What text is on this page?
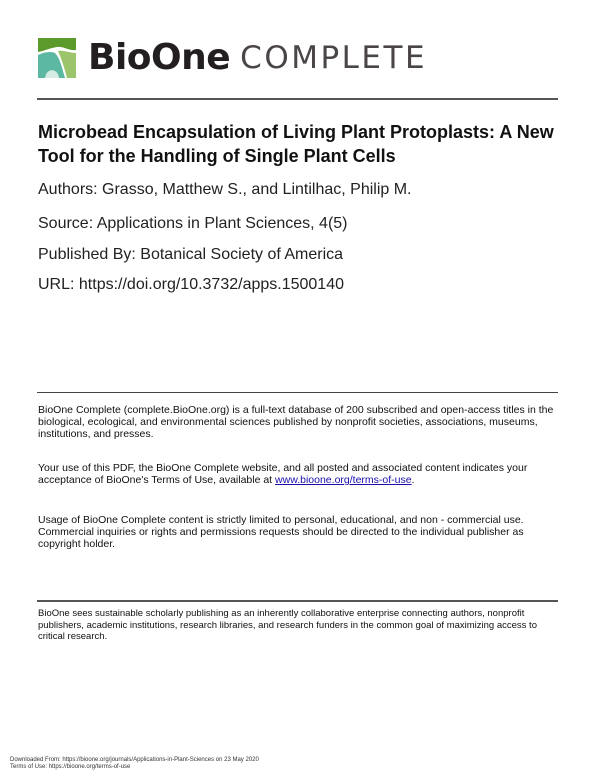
BioOne COMPLETE
Microbead Encapsulation of Living Plant Protoplasts: A New Tool for the Handling of Single Plant Cells
Authors: Grasso, Matthew S., and Lintilhac, Philip M.
Source: Applications in Plant Sciences, 4(5)
Published By: Botanical Society of America
URL: https://doi.org/10.3732/apps.1500140

BioOne Complete (complete.BioOne.org) is a full-text database of 200 subscribed and open-access titles in the biological, ecological, and environmental sciences published by nonprofit societies, associations, museums, institutions, and presses.

Your use of this PDF, the BioOne Complete website, and all posted and associated content indicates your acceptance of BioOne's Terms of Use, available at www.bioone.org/terms-of-use.

Usage of BioOne Complete content is strictly limited to personal, educational, and non - commercial use. Commercial inquiries or rights and permissions requests should be directed to the individual publisher as copyright holder.

BioOne sees sustainable scholarly publishing as an inherently collaborative enterprise connecting authors, nonprofit publishers, academic institutions, research libraries, and research funders in the common goal of maximizing access to critical research.

Downloaded From: https://bioone.org/journals/Applications-in-Plant-Sciences on 23 May 2020
Terms of Use: https://bioone.org/terms-of-use
